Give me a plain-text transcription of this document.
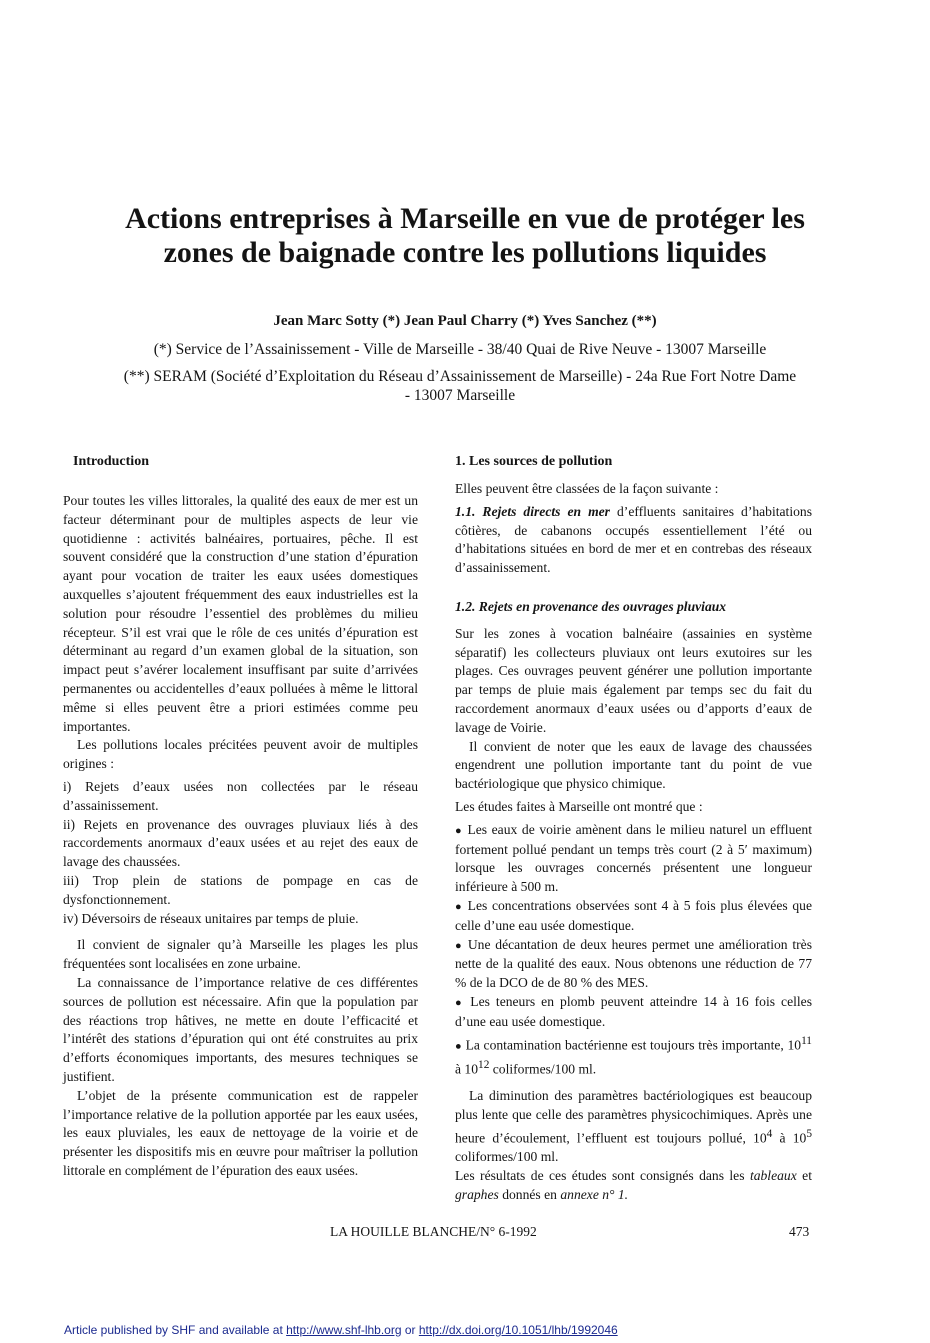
Actions entreprises à Marseille en vue de protéger les
zones de baignade contre les pollutions liquides
Jean Marc Sotty (*) Jean Paul Charry (*) Yves Sanchez (**)
(*) Service de l’Assainissement - Ville de Marseille - 38/40 Quai de Rive Neuve - 13007 Marseille
(**) SERAM (Société d’Exploitation du Réseau d’Assainissement de Marseille) - 24a Rue Fort Notre Dame
- 13007 Marseille
Introduction

Pour toutes les villes littorales, la qualité des eaux de mer est un facteur déterminant pour de multiples aspects de leur vie quotidienne : activités balnéaires, portuaires, pêche. Il est souvent considéré que la construction d’une station d’épuration ayant pour vocation de traiter les eaux usées domestiques auxquelles s’ajoutent fréquemment des eaux industrielles est la solution pour résoudre l’essentiel des problèmes du milieu récepteur. S’il est vrai que le rôle de ces unités d’épuration est déterminant au regard d’un examen global de la situation, son impact peut s’avérer localement insuffisant par suite d’arrivées permanentes ou accidentelles d’eaux polluées à même le littoral même si elles peuvent être a priori estimées comme peu importantes.

Les pollutions locales précitées peuvent avoir de multiples origines :

i) Rejets d’eaux usées non collectées par le réseau d’assainissement.

ii) Rejets en provenance des ouvrages pluviaux liés à des raccordements anormaux d’eaux usées et au rejet des eaux de lavage des chaussées.

iii) Trop plein de stations de pompage en cas de dysfonctionnement.

iv) Déversoirs de réseaux unitaires par temps de pluie.

Il convient de signaler qu’à Marseille les plages les plus fréquentées sont localisées en zone urbaine.

La connaissance de l’importance relative de ces différentes sources de pollution est nécessaire. Afin que la population par des réactions trop hâtives, ne mette en doute l’efficacité et l’intérêt des stations d’épuration qui ont été construites au prix d’efforts économiques importants, des mesures techniques se justifient.

L’objet de la présente communication est de rappeler l’importance relative de la pollution apportée par les eaux usées, les eaux pluviales, les eaux de nettoyage de la voirie et de présenter les dispositifs mis en œuvre pour maîtriser la pollution littorale en complément de l’épuration des eaux usées.

1. Les sources de pollution

Elles peuvent être classées de la façon suivante :

1.1. Rejets directs en mer d’effluents sanitaires d’habitations côtières, de cabanons occupés essentiellement l’été ou d’habitations situées en bord de mer et en contrebas des réseaux d’assainissement.

1.2. Rejets en provenance des ouvrages pluviaux

Sur les zones à vocation balnéaire (assainies en système séparatif) les collecteurs pluviaux ont leurs exutoires sur les plages. Ces ouvrages peuvent générer une pollution importante par temps de pluie mais également par temps sec du fait du raccordement anormaux d’eaux usées ou d’apports d’eaux de lavage de Voirie.

Il convient de noter que les eaux de lavage des chaussées engendrent une pollution importante tant du point de vue bactériologique que physico chimique.

Les études faites à Marseille ont montré que :

● Les eaux de voirie amènent dans le milieu naturel un effluent fortement pollué pendant un temps très court (2 à 5′ maximum) lorsque les ouvrages concernés présentent une longueur inférieure à 500 m.

● Les concentrations observées sont 4 à 5 fois plus élevées que celle d’une eau usée domestique.

● Une décantation de deux heures permet une amélioration très nette de la qualité des eaux. Nous obtenons une réduction de 77 % de la DCO de de 80 % des MES.

● Les teneurs en plomb peuvent atteindre 14 à 16 fois celles d’une eau usée domestique.

● La contamination bactérienne est toujours très importante, $10^{11}$ à $10^{12}$ coliformes/100 ml.

La diminution des paramètres bactériologiques est beaucoup plus lente que celle des paramètres physicochimiques. Après une heure d’écoulement, l’effluent est toujours pollué, $10^4$ à $10^5$ coliformes/100 ml.

Les résultats de ces études sont consignés dans les tableaux et graphes donnés en annexe n° 1.

LA HOUILLE BLANCHE/N° 6-1992	473
Article published by SHF and available at http://www.shf-lhb.org or http://dx.doi.org/10.1051/lhb/1992046
